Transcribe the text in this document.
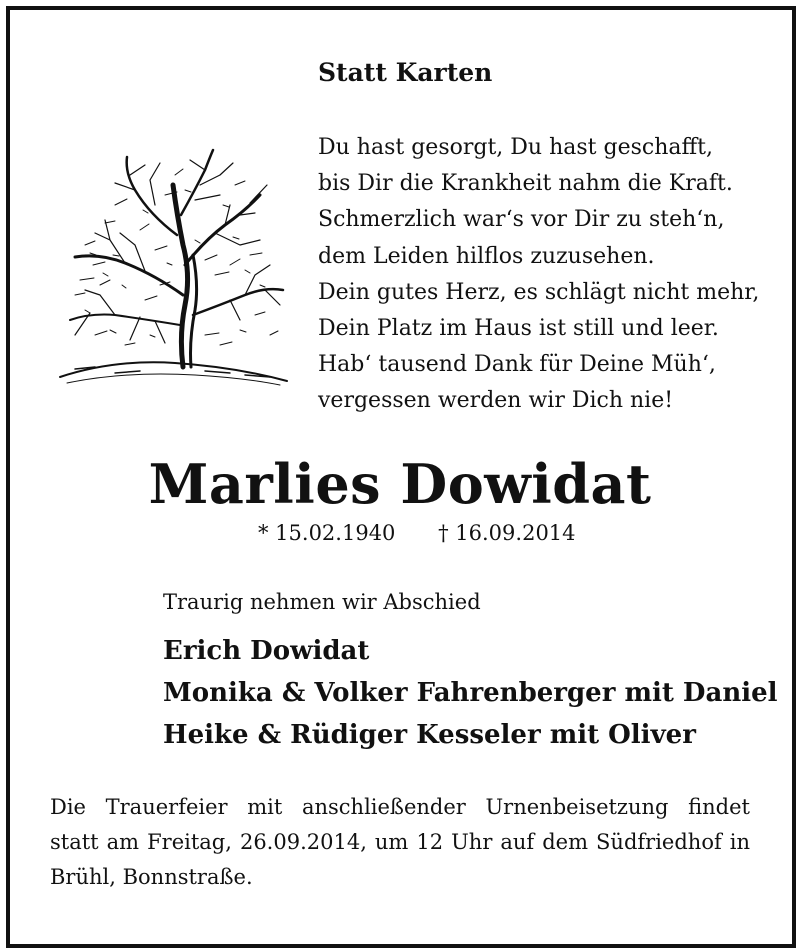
Statt Karten
Du hast gesorgt, Du hast geschafft,
bis Dir die Krankheit nahm die Kraft.
Schmerzlich war‘s vor Dir zu steh‘n,
dem Leiden hilflos zuzusehen.
Dein gutes Herz, es schlägt nicht mehr,
Dein Platz im Haus ist still und leer.
Hab‘ tausend Dank für Deine Müh‘,
vergessen werden wir Dich nie!
Marlies Dowidat
* 15.02.1940 † 16.09.2014
Traurig nehmen wir Abschied
Erich Dowidat
Monika & Volker Fahrenberger mit Daniel
Heike & Rüdiger Kesseler mit Oliver
Die Trauerfeier mit anschließender Urnenbeisetzung findet
statt am Freitag, 26.09.2014, um 12 Uhr auf dem Südfriedhof in
Brühl, Bonnstraße.
